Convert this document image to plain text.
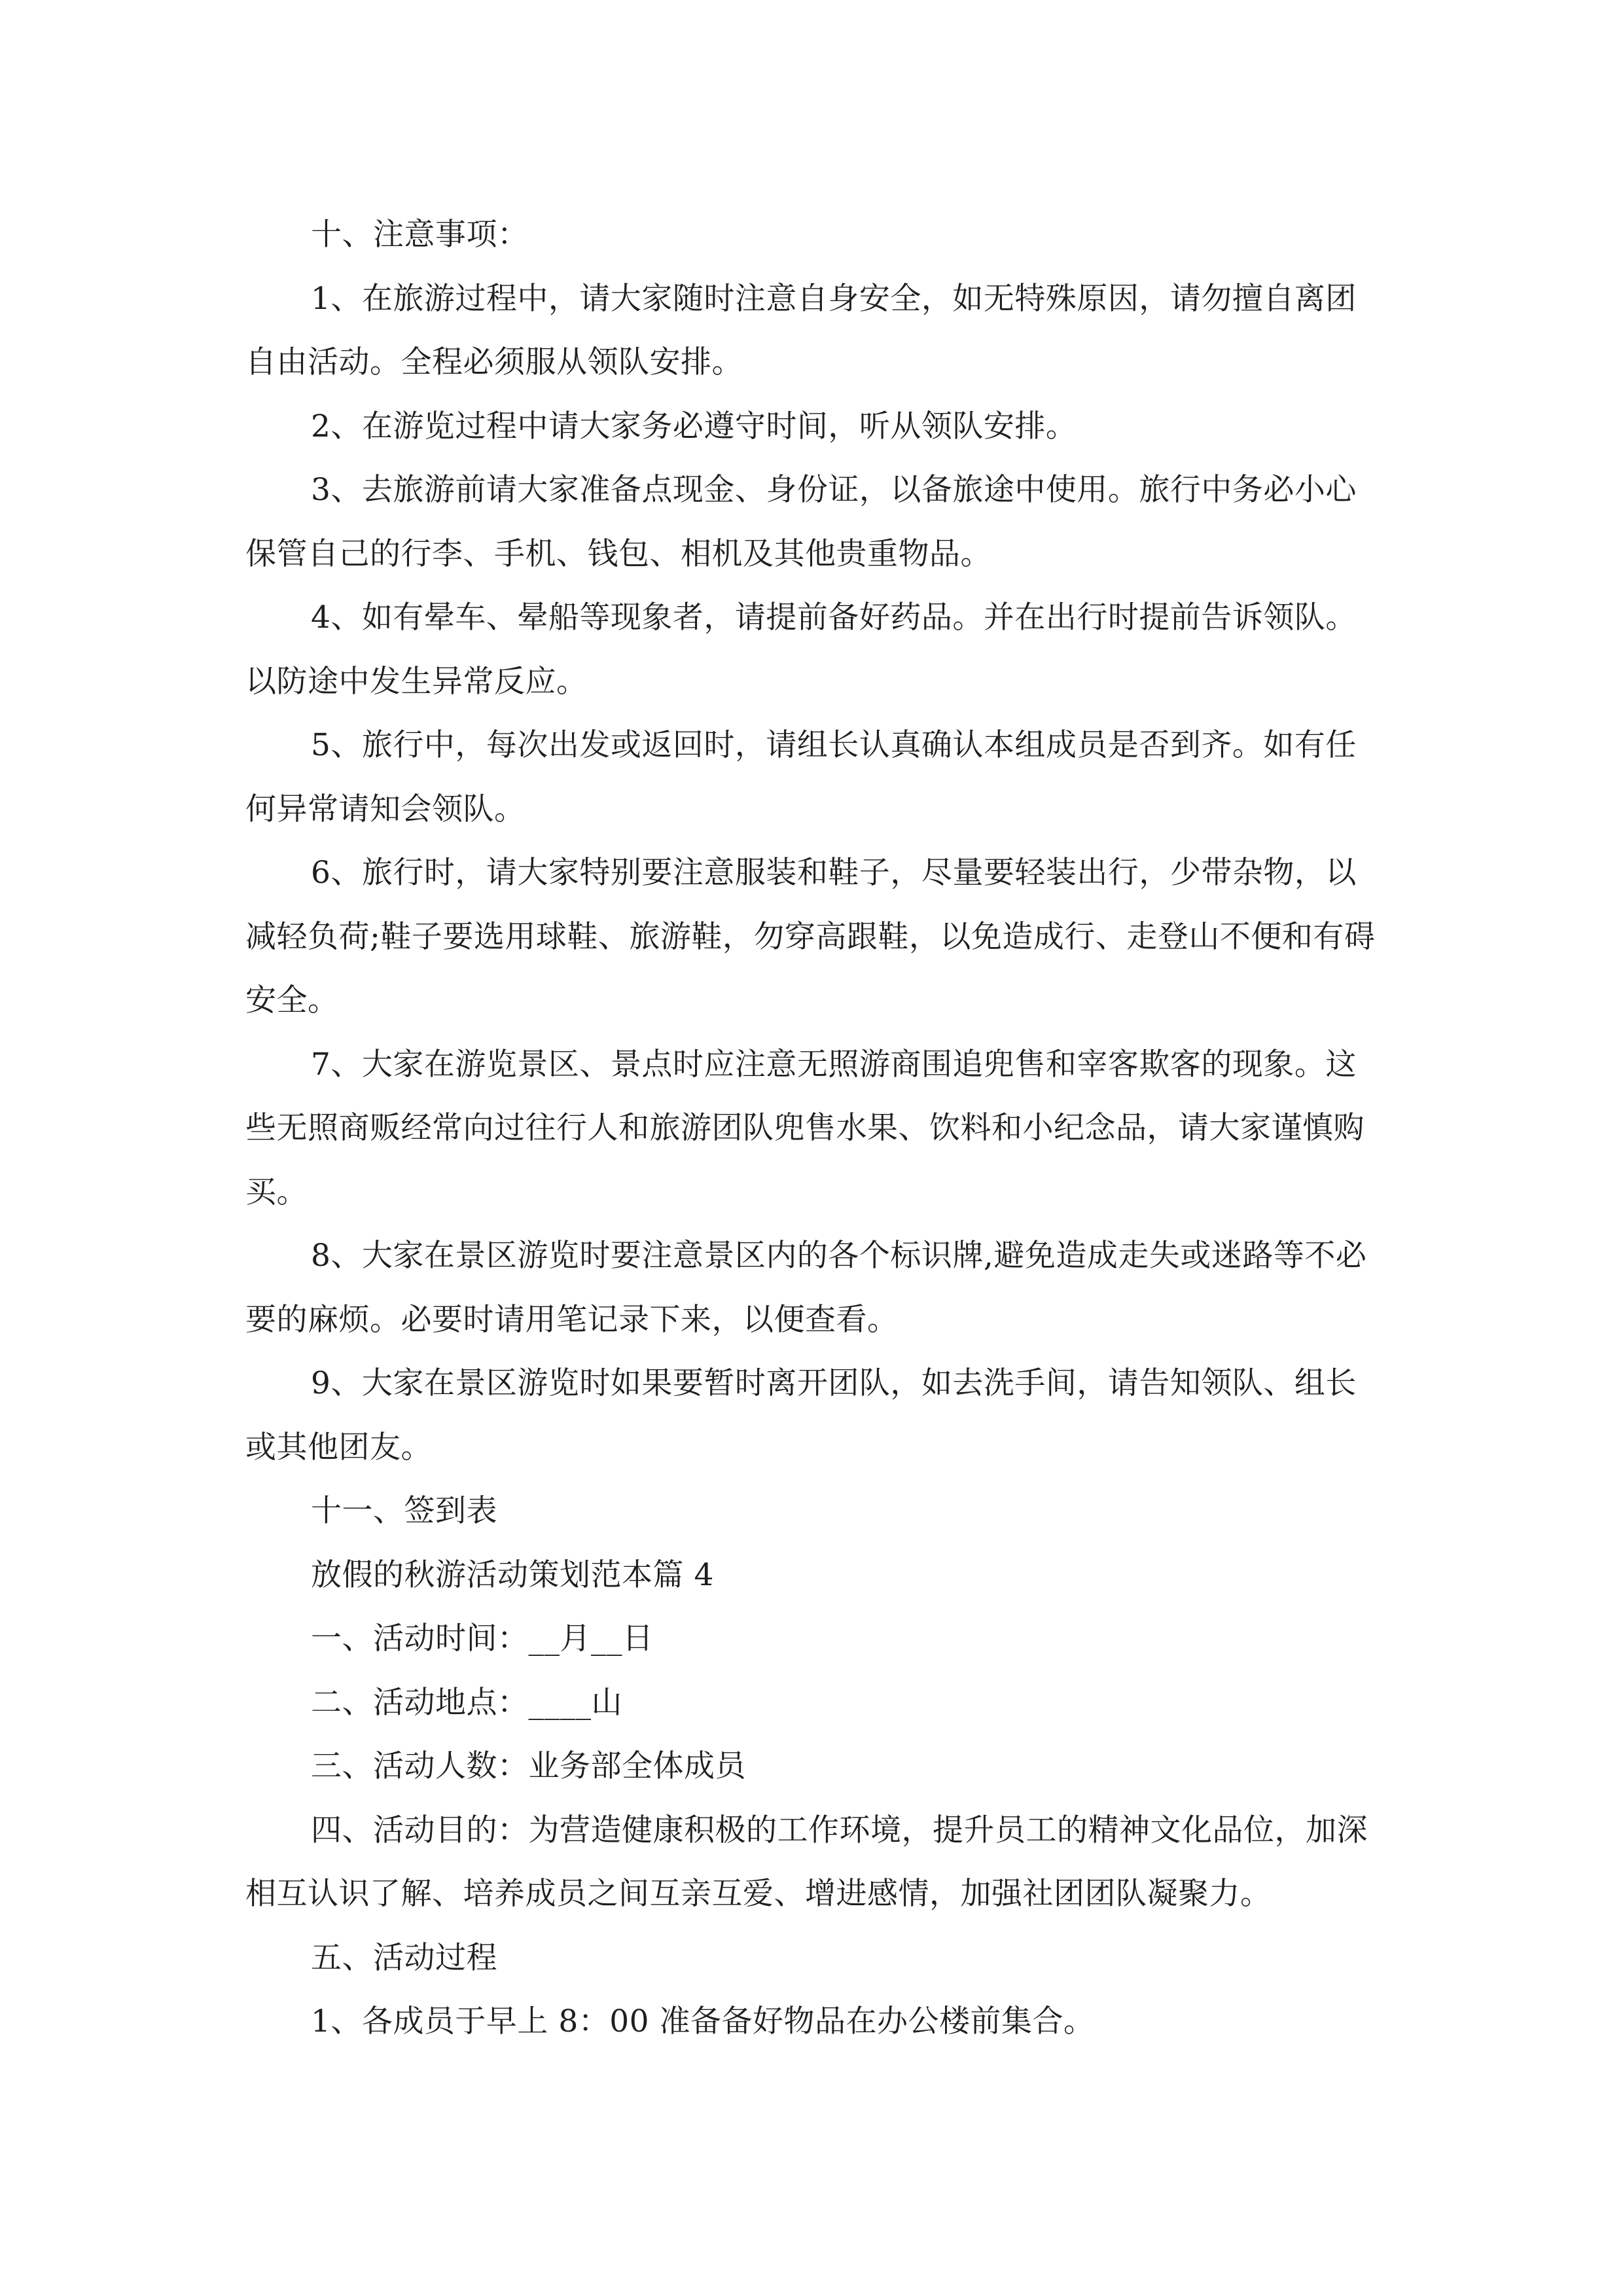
十、注意事项：

1、在旅游过程中，请大家随时注意自身安全，如无特殊原因，请勿擅自离团自由活动。全程必须服从领队安排。

2、在游览过程中请大家务必遵守时间，听从领队安排。

3、去旅游前请大家准备点现金、身份证，以备旅途中使用。旅行中务必小心保管自己的行李、手机、钱包、相机及其他贵重物品。

4、如有晕车、晕船等现象者，请提前备好药品。并在出行时提前告诉领队。以防途中发生异常反应。

5、旅行中，每次出发或返回时，请组长认真确认本组成员是否到齐。如有任何异常请知会领队。

6、旅行时，请大家特别要注意服装和鞋子，尽量要轻装出行，少带杂物，以减轻负荷;鞋子要选用球鞋、旅游鞋，勿穿高跟鞋，以免造成行、走登山不便和有碍安全。

7、大家在游览景区、景点时应注意无照游商围追兜售和宰客欺客的现象。这些无照商贩经常向过往行人和旅游团队兜售水果、饮料和小纪念品，请大家谨慎购买。

8、大家在景区游览时要注意景区内的各个标识牌,避免造成走失或迷路等不必要的麻烦。必要时请用笔记录下来，以便查看。

9、大家在景区游览时如果要暂时离开团队，如去洗手间，请告知领队、组长或其他团友。

十一、签到表

放假的秋游活动策划范本篇 4

一、活动时间：__月__日

二、活动地点：____山

三、活动人数：业务部全体成员

四、活动目的：为营造健康积极的工作环境，提升员工的精神文化品位，加深相互认识了解、培养成员之间互亲互爱、增进感情，加强社团团队凝聚力。

五、活动过程

1、各成员于早上 8：00 准备备好物品在办公楼前集合。
